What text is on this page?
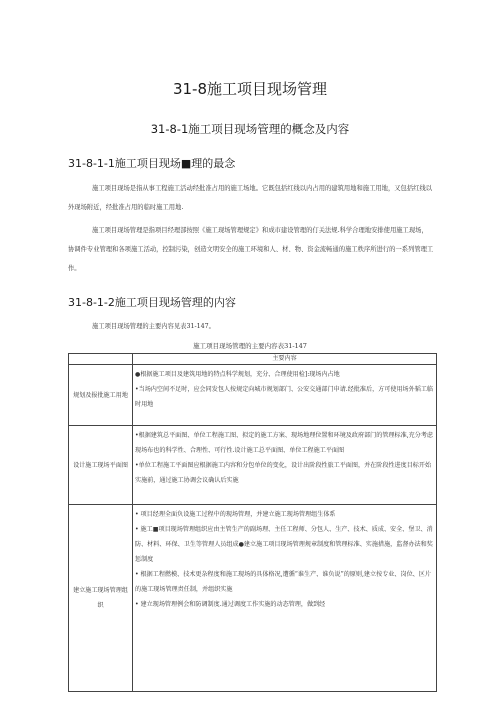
31-8施工项目现场管理
31-8-1施工项目现场管理的概念及内容
31-8-1-1施工项目现场■理的最念

施工项目现场是指从事工程施工活动经批准占用的施工场地。它既包括红线以内占用的建筑用地和施工用地，又包括红线以外现场附近，经批准占用的临时施工用地.

施工项目现场管理是指项目经理部按照《施工现场管理规定》和成市建设管理的仃关法规.科学合理地安排使用施工现场，协调件专业管理和各项施工活动，控制污染，创造文明安全的施工环境和人、材、物、资金流畅通的施工秩序所进行的一系列管理工作。

31-8-1-2施工项目现场管理的内容

施工项目现场管理的主要内容见表31-147。

施工项目现场管理的主要内容表31-147
	主要内容
规划及报批施工用地	●根据施工项目及建筑用地的特点科学规划，充分、合理使用检]:现场内占地
•当场内空间不足时，应会同发包人按规定向城市规划部门、公安交通部门申请.经批准后，方可使用场外韬工临时用地

设计施工现场平面图	•根据建筑总平面图、单位工程施工图、拟定的施工方案、现场地理位置和环境及政府部门的管理标准,充分考虑现场布也的科学性、合理性、可行性.设计施工总平面图、单位工程施工平面图
•单位工程施工平面图应根据施工内容和分包单位的变化，设计出阶段性旅工平面图，并在阶段性进度目标开始实施前，通过施工协调会议确认后实施

建立施工现场管理组织	• 项目经理全面负设施工过程中的现场管理，并建立施工现场管理组生体系
• 施工■项目现场管理组织应由主管生产的副场理、主任工程师、分包人、生产、技术、质成、安全、堡卫、消防、材料、环保、卫生等管理人员组成●建立施工项目现场管理规章制度和管理标准、实施措施，监督办法和奖惩制度
• 根据工程燃模、技术更杂程度和施工现场的具体格况,遭循“谁生产、谁负说”的原则,建立按专业、岗位、区片的施工现场管理责任制，并组织实施
• 建立现场管理例会和防调制度.通过调度工作实施的动态管理，做到经
